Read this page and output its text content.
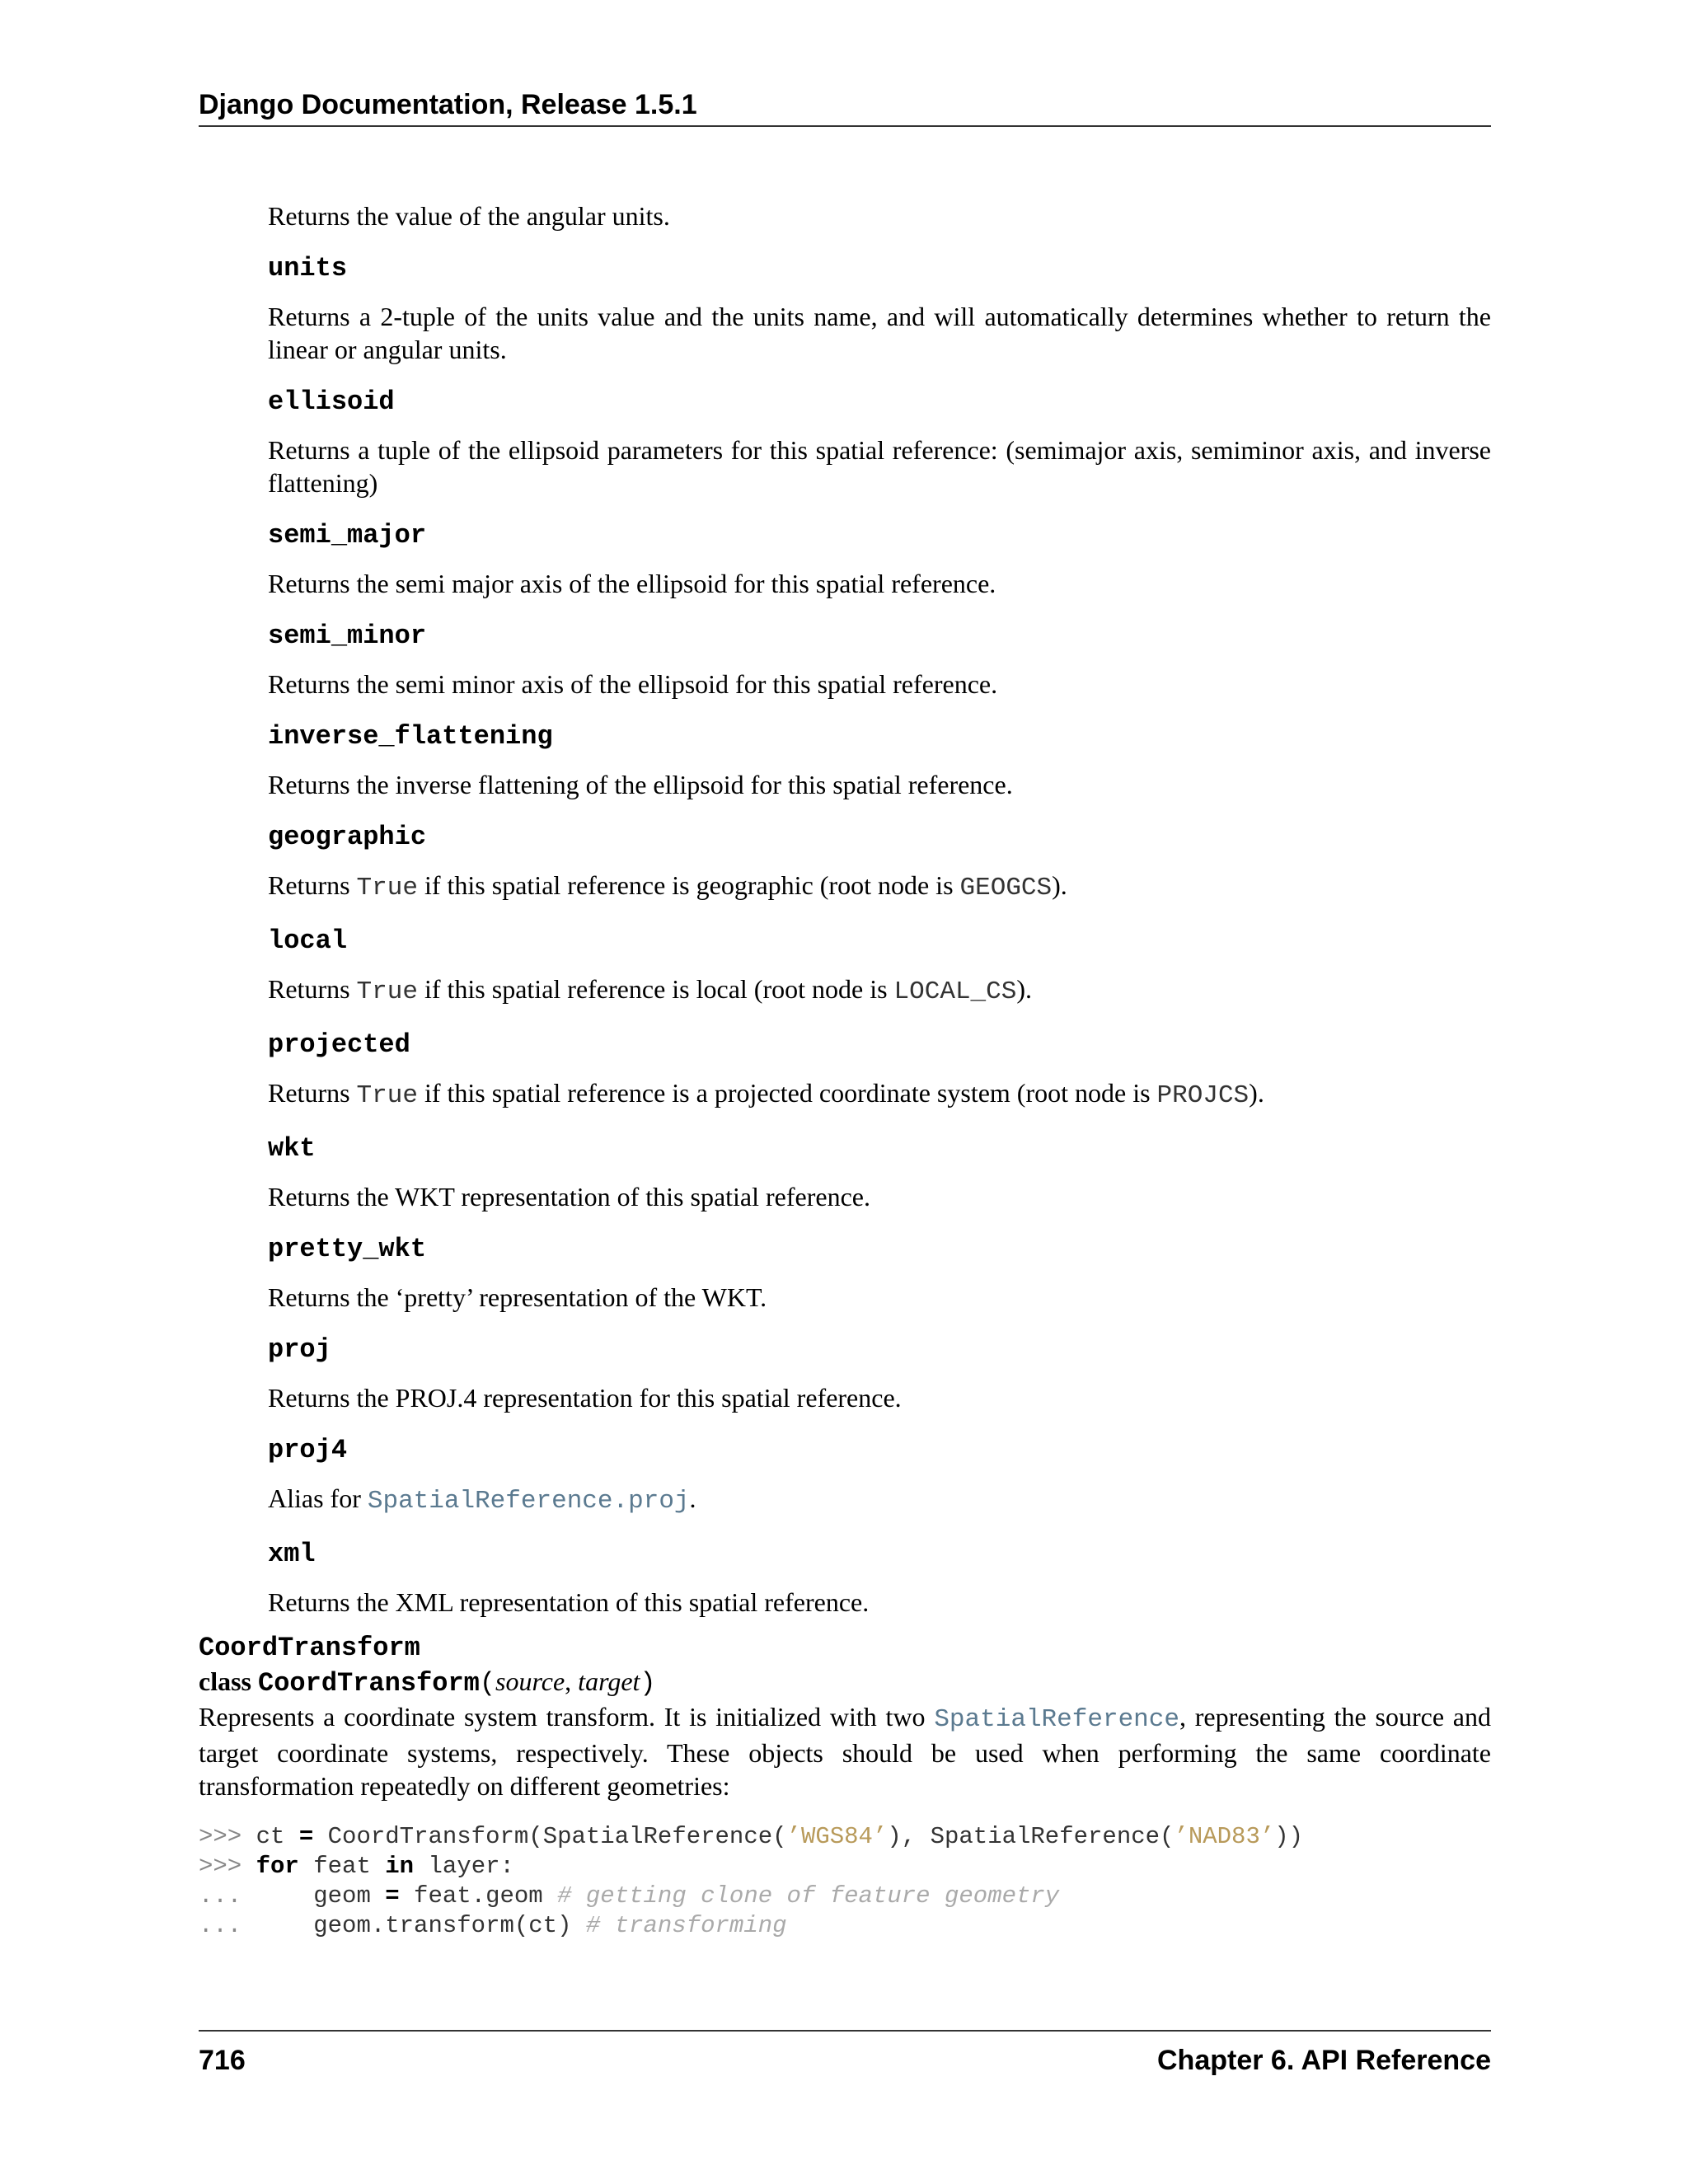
Django Documentation, Release 1.5.1

Returns the value of the angular units.

units

Returns a 2-tuple of the units value and the units name, and will automatically determines whether to return the linear or angular units.

ellisoid

Returns a tuple of the ellipsoid parameters for this spatial reference: (semimajor axis, semiminor axis, and inverse flattening)

semi_major

Returns the semi major axis of the ellipsoid for this spatial reference.

semi_minor

Returns the semi minor axis of the ellipsoid for this spatial reference.

inverse_flattening

Returns the inverse flattening of the ellipsoid for this spatial reference.

geographic

Returns True if this spatial reference is geographic (root node is GEOGCS).

local

Returns True if this spatial reference is local (root node is LOCAL_CS).

projected

Returns True if this spatial reference is a projected coordinate system (root node is PROJCS).

wkt

Returns the WKT representation of this spatial reference.

pretty_wkt

Returns the ‘pretty’ representation of the WKT.

proj

Returns the PROJ.4 representation for this spatial reference.

proj4

Alias for SpatialReference.proj.

xml

Returns the XML representation of this spatial reference.

CoordTransform
class CoordTransform(source, target)

Represents a coordinate system transform. It is initialized with two SpatialReference, representing the source and target coordinate systems, respectively. These objects should be used when performing the same coordinate transformation repeatedly on different geometries:

>>> ct = CoordTransform(SpatialReference(’WGS84’), SpatialReference(’NAD83’))
>>> for feat in layer:
...     geom = feat.geom # getting clone of feature geometry
...     geom.transform(ct) # transforming
716	Chapter 6. API Reference
